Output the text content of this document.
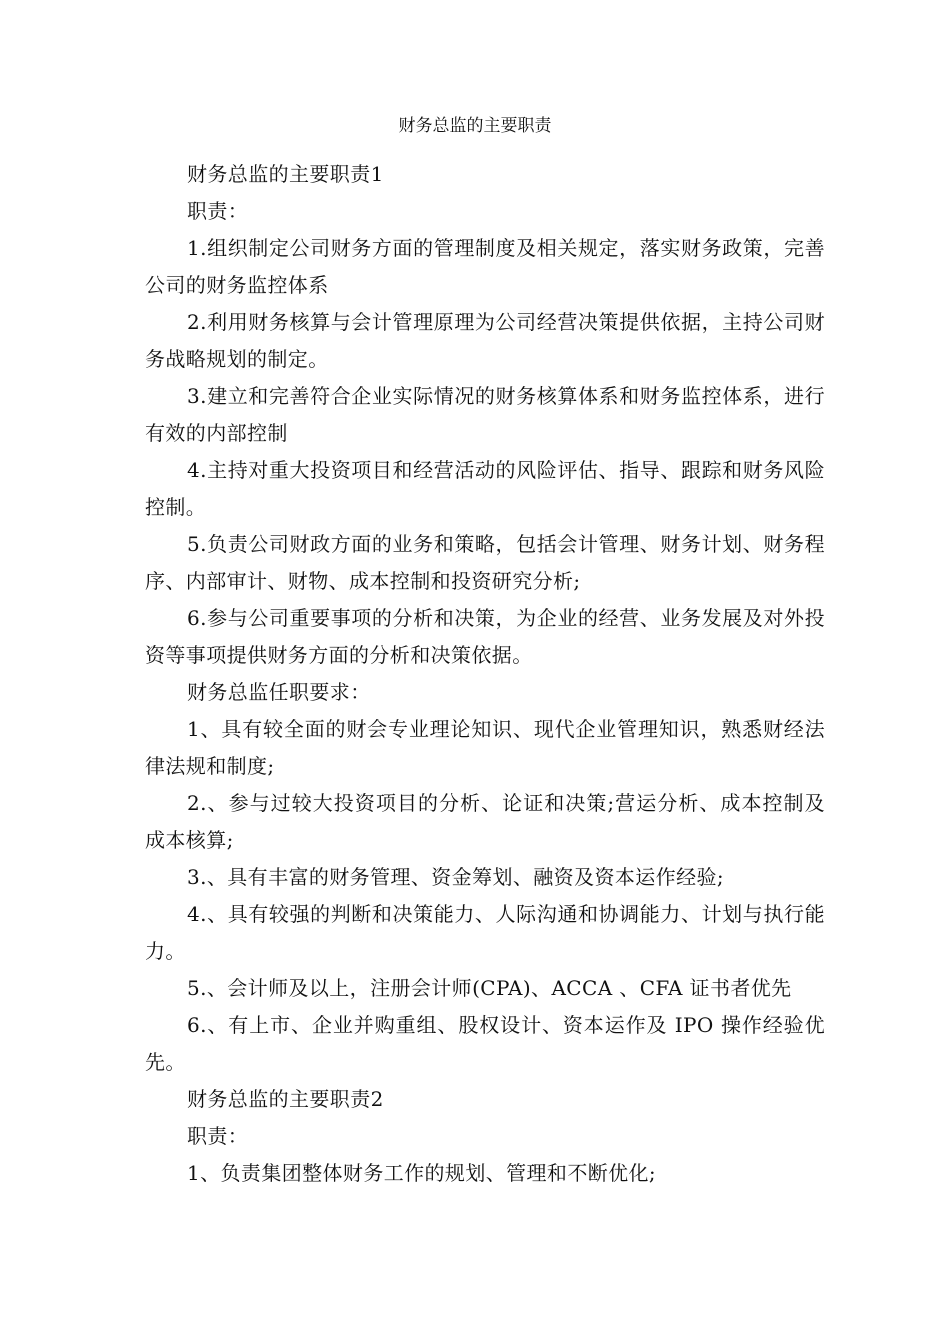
财务总监的主要职责

财务总监的主要职责1

职责：

1.组织制定公司财务方面的管理制度及相关规定，落实财务政策，完善公司的财务监控体系

2.利用财务核算与会计管理原理为公司经营决策提供依据，主持公司财务战略规划的制定。

3.建立和完善符合企业实际情况的财务核算体系和财务监控体系，进行有效的内部控制

4.主持对重大投资项目和经营活动的风险评估、指导、跟踪和财务风险控制。

5.负责公司财政方面的业务和策略，包括会计管理、财务计划、财务程序、内部审计、财物、成本控制和投资研究分析;

6.参与公司重要事项的分析和决策，为企业的经营、业务发展及对外投资等事项提供财务方面的分析和决策依据。

财务总监任职要求：

1、具有较全面的财会专业理论知识、现代企业管理知识，熟悉财经法律法规和制度;

2.、参与过较大投资项目的分析、论证和决策;营运分析、成本控制及成本核算;

3.、具有丰富的财务管理、资金筹划、融资及资本运作经验;

4.、具有较强的判断和决策能力、人际沟通和协调能力、计划与执行能力。

5.、会计师及以上，注册会计师(CPA)、ACCA 、CFA 证书者优先

6.、有上市、企业并购重组、股权设计、资本运作及 IPO 操作经验优先。

财务总监的主要职责2

职责：

1、负责集团整体财务工作的规划、管理和不断优化;
